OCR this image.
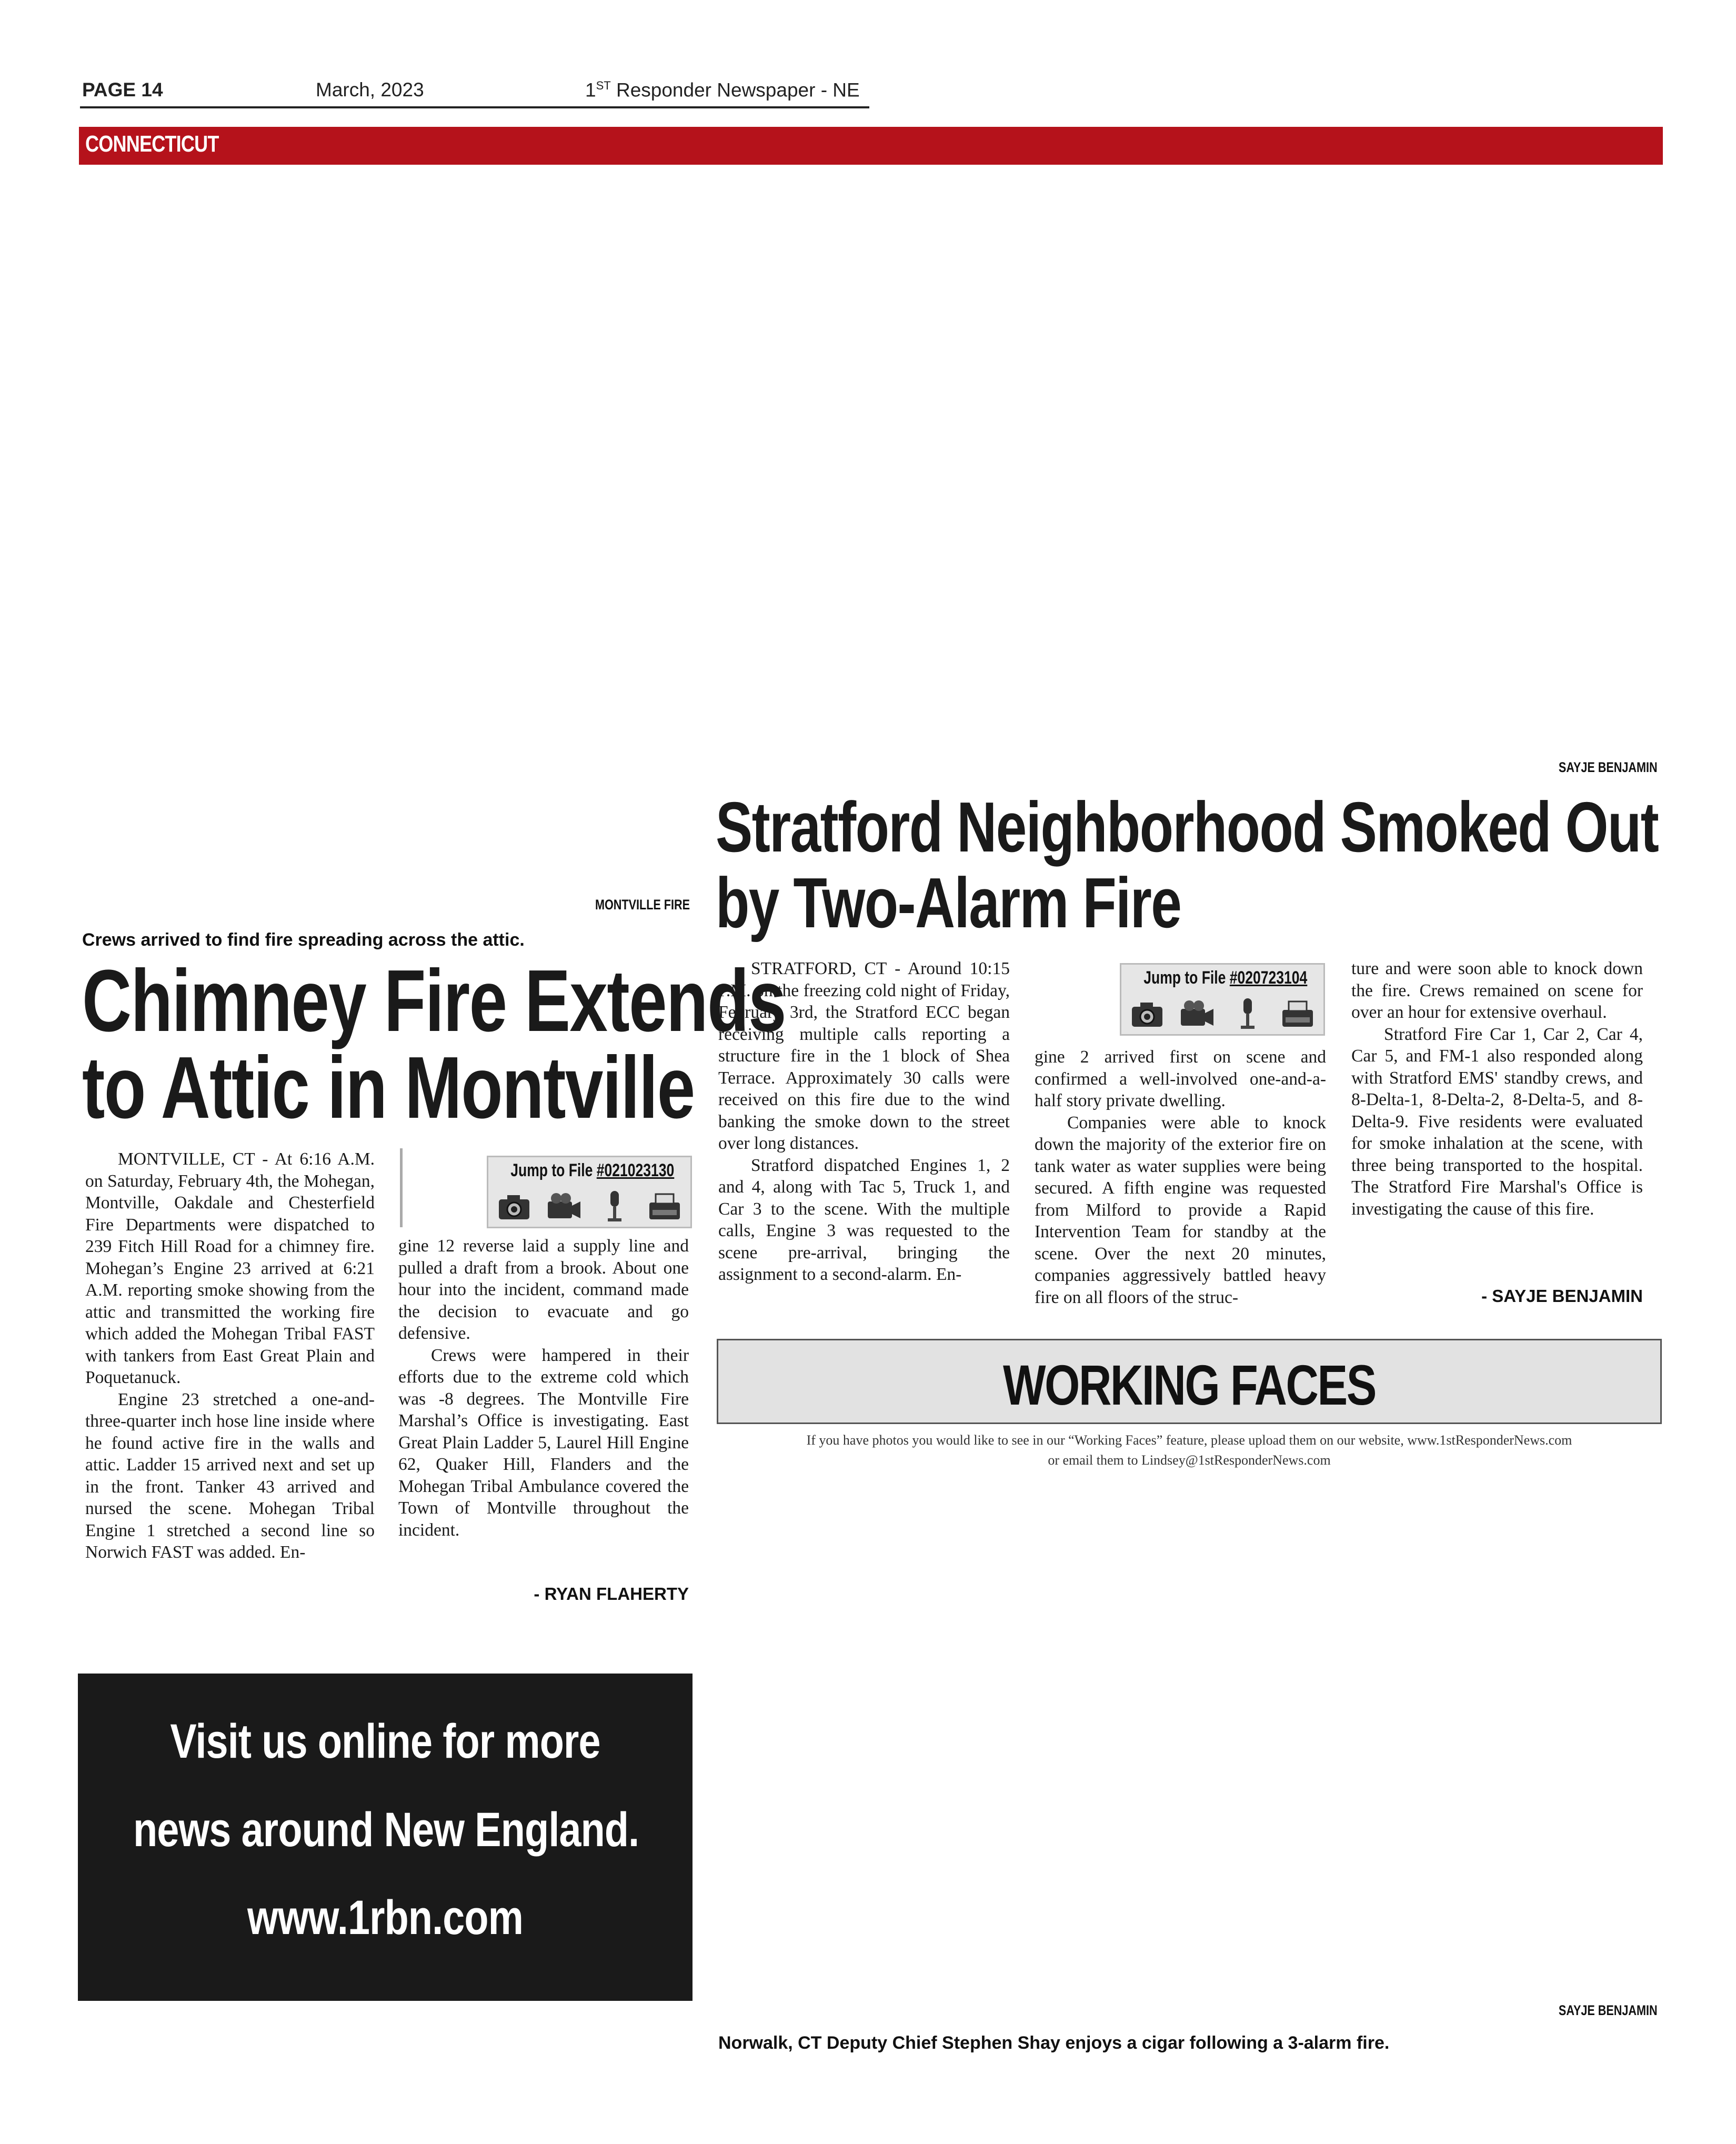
PAGE 14	March, 2023	1ST Responder Newspaper - NE
CONNECTICUT
MONTVILLE FIRE
Crews arrived to find fire spreading across the attic.
Chimney Fire Extends
to Attic in Montville

MONTVILLE, CT - At 6:16 A.M. on Saturday, February 4th, the Mohegan, Montville, Oakdale and Chesterfield Fire Departments were dispatched to 239 Fitch Hill Road for a chimney fire. Mohegan’s Engine 23 arrived at 6:21 A.M. reporting smoke showing from the attic and transmitted the working fire which added the Mohegan Tribal FAST with tankers from East Great Plain and Poquetanuck.

Engine 23 stretched a one-and-three-quarter inch hose line inside where he found active fire in the walls and attic. Ladder 15 arrived next and set up in the front. Tanker 43 arrived and nursed the scene. Mohegan Tribal Engine 1 stretched a second line so Norwich FAST was added. En-

Jump to File #021023130

gine 12 reverse laid a supply line and pulled a draft from a brook. About one hour into the incident, command made the decision to evacuate and go defensive.

Crews were hampered in their efforts due to the extreme cold which was -8 degrees. The Montville Fire Marshal’s Office is investigating. East Great Plain Ladder 5, Laurel Hill Engine 62, Quaker Hill, Flanders and the Mohegan Tribal Ambulance covered the Town of Montville throughout the incident.

- RYAN FLAHERTY
SAYJE BENJAMIN
Stratford Neighborhood Smoked Out
by Two-Alarm Fire

STRATFORD, CT - Around 10:15 P.M. on the freezing cold night of Friday, February 3rd, the Stratford ECC began receiving multiple calls reporting a structure fire in the 1 block of Shea Terrace. Approximately 30 calls were received on this fire due to the wind banking the smoke down to the street over long distances.

Stratford dispatched Engines 1, 2 and 4, along with Tac 5, Truck 1, and Car 3 to the scene. With the multiple calls, Engine 3 was requested to the scene pre-arrival, bringing the assignment to a second-alarm. En-

Jump to File #020723104

gine 2 arrived first on scene and confirmed a well-involved one-and-a-half story private dwelling.

Companies were able to knock down the majority of the exterior fire on tank water as water supplies were being secured. A fifth engine was requested from Milford to provide a Rapid Intervention Team for standby at the scene. Over the next 20 minutes, companies aggressively battled heavy fire on all floors of the struc-

ture and were soon able to knock down the fire. Crews remained on scene for over an hour for extensive overhaul.

Stratford Fire Car 1, Car 2, Car 4, Car 5, and FM-1 also responded along with Stratford EMS' standby crews, and 8-Delta-1, 8-Delta-2, 8-Delta-5, and 8-Delta-9. Five residents were evaluated for smoke inhalation at the scene, with three being transported to the hospital. The Stratford Fire Marshal's Office is investigating the cause of this fire.

- SAYJE BENJAMIN
WORKING FACES
If you have photos you would like to see in our “Working Faces” feature, please upload them on our website, www.1stResponderNews.com
or email them to Lindsey@1stResponderNews.com
Visit us online for more
news around New England.
www.1rbn.com
SAYJE BENJAMIN
Norwalk, CT Deputy Chief Stephen Shay enjoys a cigar following a 3-alarm fire.
